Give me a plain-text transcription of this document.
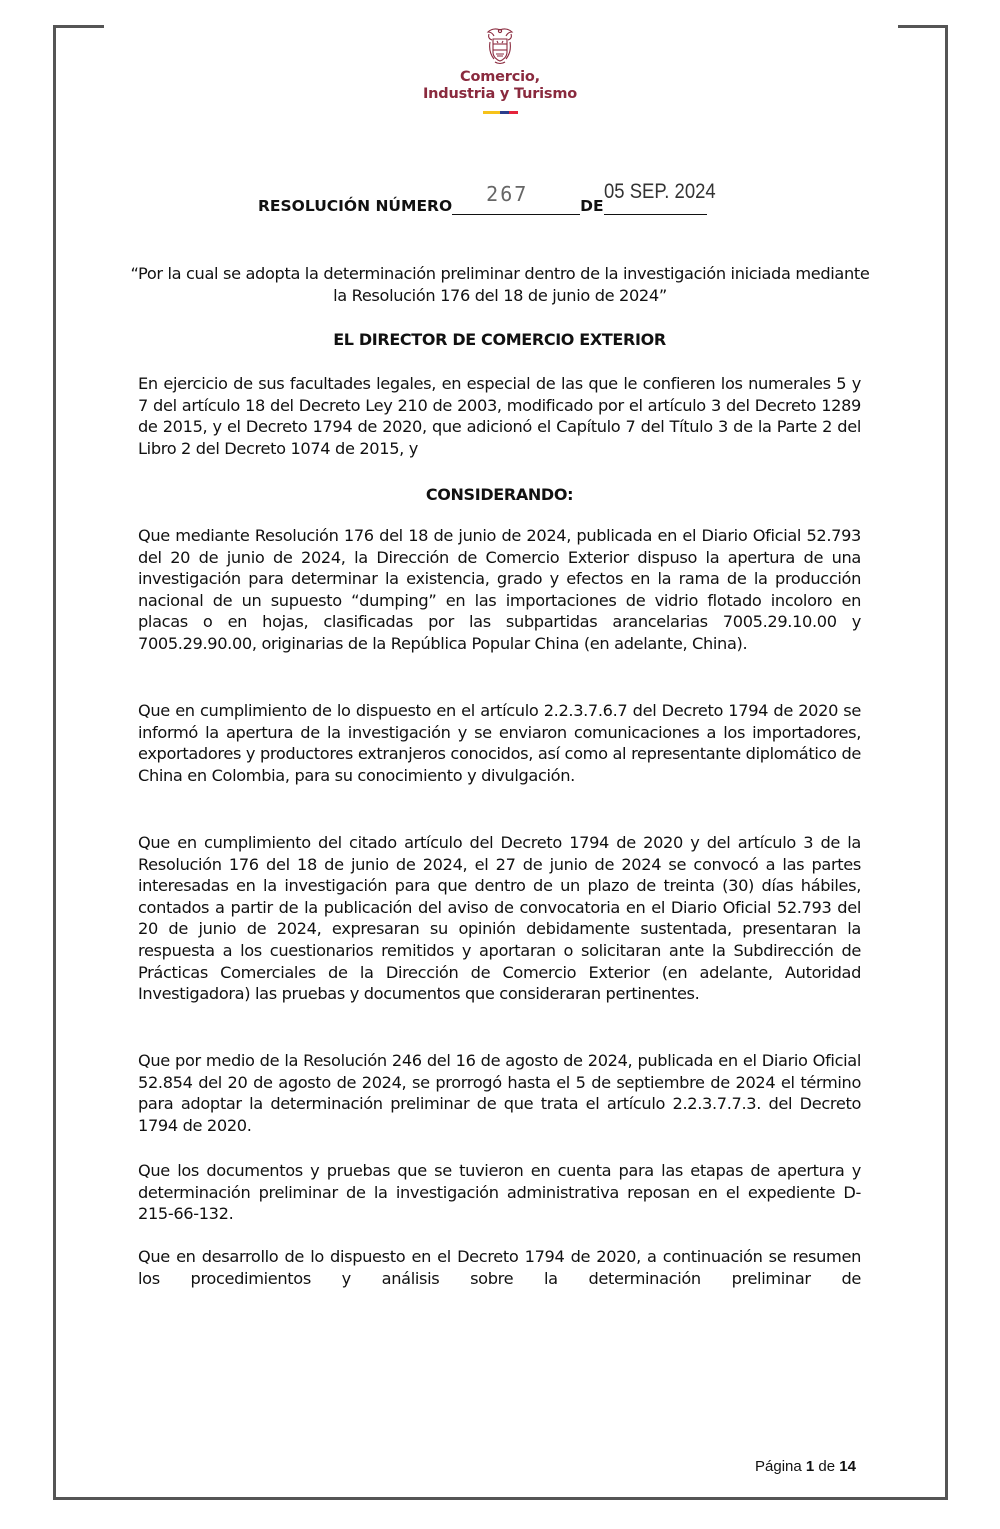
Comercio,
Industria y Turismo
RESOLUCIÓN NÚMERO 267	DE
05 SEP. 2024
“Por la cual se adopta la determinación preliminar dentro de la investigación iniciada mediante la Resolución 176 del 18 de junio de 2024”
EL DIRECTOR DE COMERCIO EXTERIOR
En ejercicio de sus facultades legales, en especial de las que le confieren los numerales 5 y 7 del artículo 18 del Decreto Ley 210 de 2003, modificado por el artículo 3 del Decreto 1289 de 2015, y el Decreto 1794 de 2020, que adicionó el Capítulo 7 del Título 3 de la Parte 2 del Libro 2 del Decreto 1074 de 2015, y
CONSIDERANDO:
Que mediante Resolución 176 del 18 de junio de 2024, publicada en el Diario Oficial 52.793 del 20 de junio de 2024, la Dirección de Comercio Exterior dispuso la apertura de una investigación para determinar la existencia, grado y efectos en la rama de la producción nacional de un supuesto “dumping” en las importaciones de vidrio flotado incoloro en placas o en hojas, clasificadas por las subpartidas arancelarias 7005.29.10.00 y 7005.29.90.00, originarias de la República Popular China (en adelante, China).
Que en cumplimiento de lo dispuesto en el artículo 2.2.3.7.6.7 del Decreto 1794 de 2020 se informó la apertura de la investigación y se enviaron comunicaciones a los importadores, exportadores y productores extranjeros conocidos, así como al representante diplomático de China en Colombia, para su conocimiento y divulgación.
Que en cumplimiento del citado artículo del Decreto 1794 de 2020 y del artículo 3 de la Resolución 176 del 18 de junio de 2024, el 27 de junio de 2024 se convocó a las partes interesadas en la investigación para que dentro de un plazo de treinta (30) días hábiles, contados a partir de la publicación del aviso de convocatoria en el Diario Oficial 52.793 del 20 de junio de 2024, expresaran su opinión debidamente sustentada, presentaran la respuesta a los cuestionarios remitidos y aportaran o solicitaran ante la Subdirección de Prácticas Comerciales de la Dirección de Comercio Exterior (en adelante, Autoridad Investigadora) las pruebas y documentos que consideraran pertinentes.
Que por medio de la Resolución 246 del 16 de agosto de 2024, publicada en el Diario Oficial 52.854 del 20 de agosto de 2024, se prorrogó hasta el 5 de septiembre de 2024 el término para adoptar la determinación preliminar de que trata el artículo 2.2.3.7.7.3. del Decreto 1794 de 2020.
Que los documentos y pruebas que se tuvieron en cuenta para las etapas de apertura y determinación preliminar de la investigación administrativa reposan en el expediente D-215-66-132.
Que en desarrollo de lo dispuesto en el Decreto 1794 de 2020, a continuación se resumen los procedimientos y análisis sobre la determinación preliminar de
Página 1 de 14
